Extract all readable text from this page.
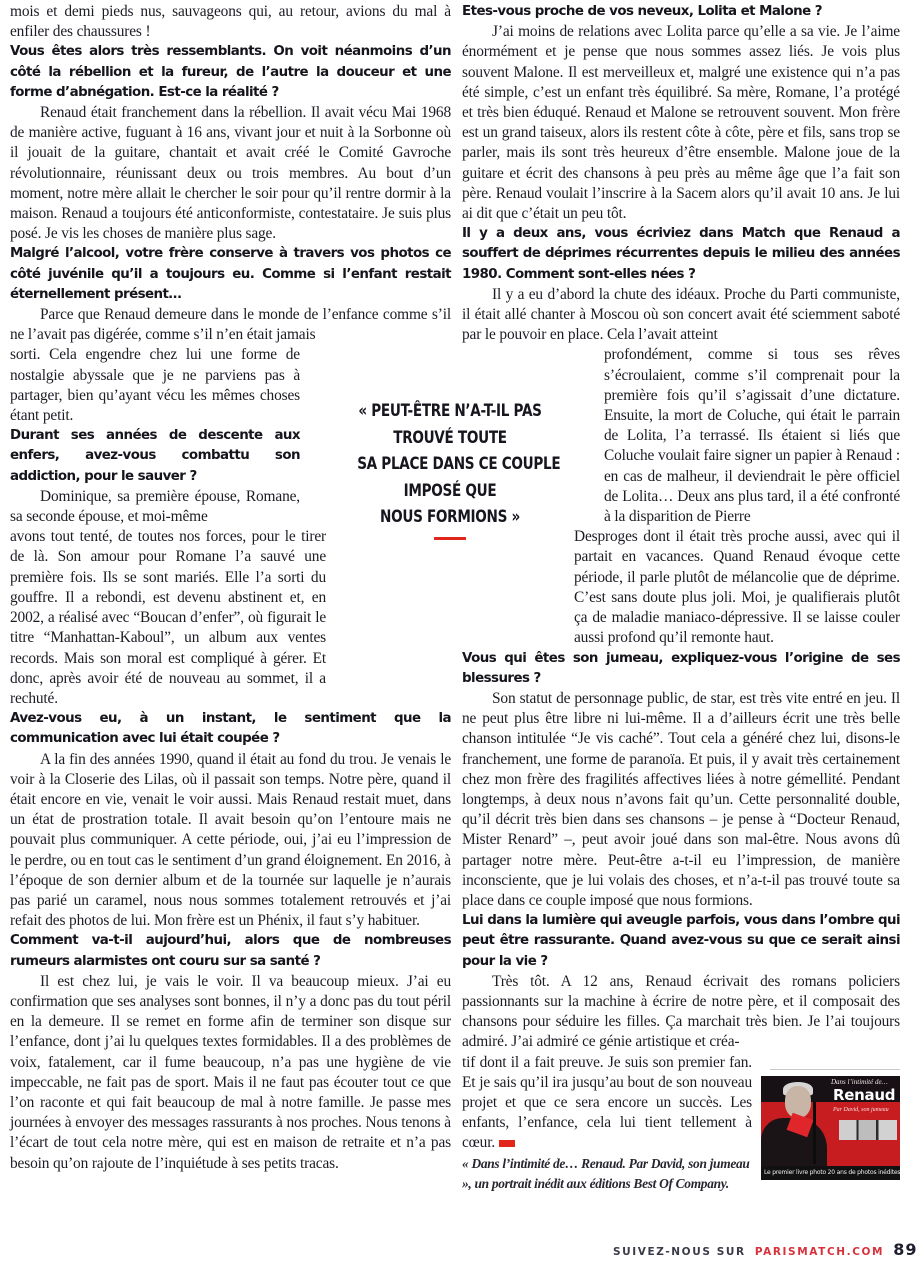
mois et demi pieds nus, sauvageons qui, au retour, avions du mal à enfiler des chaussures !

Vous êtes alors très ressemblants. On voit néanmoins d’un côté la rébellion et la fureur, de l’autre la douceur et une forme d’abnégation. Est-ce la réalité ?

Renaud était franchement dans la rébellion. Il avait vécu Mai 1968 de manière active, fuguant à 16 ans, vivant jour et nuit à la Sorbonne où il jouait de la guitare, chantait et avait créé le Comité Gavroche révolutionnaire, réunissant deux ou trois membres. Au bout d’un moment, notre mère allait le chercher le soir pour qu’il rentre dormir à la maison. Renaud a toujours été anticonformiste, contestataire. Je suis plus posé. Je vis les choses de manière plus sage.

Malgré l’alcool, votre frère conserve à travers vos photos ce côté juvénile qu’il a toujours eu. Comme si l’enfant restait éternellement présent…

Parce que Renaud demeure dans le monde de l’enfance comme s’il ne l’avait pas digérée, comme s’il n’en était jamais

sorti. Cela engendre chez lui une forme de nostalgie abyssale que je ne parviens pas à partager, bien qu’ayant vécu les mêmes choses étant petit.

Durant ses années de descente aux enfers, avez-vous combattu son addiction, pour le sauver ?

Dominique, sa première épouse, Romane, sa seconde épouse, et moi-même

avons tout tenté, de toutes nos forces, pour le tirer de là. Son amour pour Romane l’a sauvé une première fois. Ils se sont mariés. Elle l’a sorti du gouffre. Il a rebondi, est devenu abstinent et, en 2002, a réalisé avec “Boucan d’enfer”, où figurait le titre “Manhattan-Kaboul”, un album aux ventes records. Mais son moral est compliqué à gérer. Et donc, après avoir été de nouveau au sommet, il a rechuté.

Avez-vous eu, à un instant, le sentiment que la communication avec lui était coupée ?

A la fin des années 1990, quand il était au fond du trou. Je venais le voir à la Closerie des Lilas, où il passait son temps. Notre père, quand il était encore en vie, venait le voir aussi. Mais Renaud restait muet, dans un état de prostration totale. Il avait besoin qu’on l’entoure mais ne pouvait plus communiquer. A cette période, oui, j’ai eu l’impression de le perdre, ou en tout cas le sentiment d’un grand éloignement. En 2016, à l’époque de son dernier album et de la tournée sur laquelle je n’aurais pas parié un caramel, nous nous sommes totalement retrouvés et j’ai refait des photos de lui. Mon frère est un Phénix, il faut s’y habituer.

Comment va-t-il aujourd’hui, alors que de nombreuses rumeurs alarmistes ont couru sur sa santé ?

Il est chez lui, je vais le voir. Il va beaucoup mieux. J’ai eu confirmation que ses analyses sont bonnes, il n’y a donc pas du tout péril en la demeure. Il se remet en forme afin de terminer son disque sur l’enfance, dont j’ai lu quelques textes formidables. Il a des problèmes de voix, fatalement, car il fume beaucoup, n’a pas une hygiène de vie impeccable, ne fait pas de sport. Mais il ne faut pas écouter tout ce que l’on raconte et qui fait beaucoup de mal à notre famille. Je passe mes journées à envoyer des messages rassurants à nos proches. Nous tenons à l’écart de tout cela notre mère, qui est en maison de retraite et n’a pas besoin qu’on rajoute de l’inquiétude à ses petits tracas.

Etes-vous proche de vos neveux, Lolita et Malone ?

J’ai moins de relations avec Lolita parce qu’elle a sa vie. Je l’aime énormément et je pense que nous sommes assez liés. Je vois plus souvent Malone. Il est merveilleux et, malgré une existence qui n’a pas été simple, c’est un enfant très équilibré. Sa mère, Romane, l’a protégé et très bien éduqué. Renaud et Malone se retrouvent souvent. Mon frère est un grand taiseux, alors ils restent côte à côte, père et fils, sans trop se parler, mais ils sont très heureux d’être ensemble. Malone joue de la guitare et écrit des chansons à peu près au même âge que l’a fait son père. Renaud voulait l’inscrire à la Sacem alors qu’il avait 10 ans. Je lui ai dit que c’était un peu tôt.

Il y a deux ans, vous écriviez dans Match que Renaud a souffert de déprimes récurrentes depuis le milieu des années 1980. Comment sont-elles nées ?

Il y a eu d’abord la chute des idéaux. Proche du Parti communiste, il était allé chanter à Moscou où son concert avait été sciemment saboté par le pouvoir en place. Cela l’avait atteint

profondément, comme si tous ses rêves s’écroulaient, comme s’il comprenait pour la première fois qu’il s’agissait d’une dictature. Ensuite, la mort de Coluche, qui était le parrain de Lolita, l’a terrassé. Ils étaient si liés que Coluche voulait faire signer un papier à Renaud : en cas de malheur, il deviendrait le père officiel de Lolita… Deux ans plus tard, il a été confronté à la disparition de Pierre

Desproges dont il était très proche aussi, avec qui il partait en vacances. Quand Renaud évoque cette période, il parle plutôt de mélancolie que de déprime. C’est sans doute plus joli. Moi, je qualifierais plutôt ça de maladie maniaco-dépressive. Il se laisse couler aussi profond qu’il remonte haut.

Vous qui êtes son jumeau, expliquez-vous l’origine de ses blessures ?

Son statut de personnage public, de star, est très vite entré en jeu. Il ne peut plus être libre ni lui-même. Il a d’ailleurs écrit une très belle chanson intitulée “Je vis caché”. Tout cela a généré chez lui, disons-le franchement, une forme de paranoïa. Et puis, il y avait très certainement chez mon frère des fragilités affectives liées à notre gémellité. Pendant longtemps, à deux nous n’avons fait qu’un. Cette personnalité double, qu’il décrit très bien dans ses chansons – je pense à “Docteur Renaud, Mister Renard” –, peut avoir joué dans son mal-être. Nous avons dû partager notre mère. Peut-être a-t-il eu l’impression, de manière inconsciente, que je lui volais des choses, et n’a-t-il pas trouvé toute sa place dans ce couple imposé que nous formions.

Lui dans la lumière qui aveugle parfois, vous dans l’ombre qui peut être rassurante. Quand avez-vous su que ce serait ainsi pour la vie ?

Très tôt. A 12 ans, Renaud écrivait des romans policiers passionnants sur la machine à écrire de notre père, et il composait des chansons pour séduire les filles. Ça marchait très bien. Je l’ai toujours admiré. J’ai admiré ce génie artistique et créa-

tif dont il a fait preuve. Je suis son premier fan. Et je sais qu’il ira jusqu’au bout de son nouveau projet et que ce sera encore un succès. Les enfants, l’enfance, cela lui tient tellement à cœur.

« Dans l’intimité de… Renaud. Par David, son jumeau », un portrait inédit aux éditions Best Of Company.

« PEUT-ÊTRE N’A-T-IL PAS
TROUVÉ TOUTE
SA PLACE DANS CE COUPLE
IMPOSÉ QUE
NOUS FORMIONS »
Dans l’intimité de…
Renaud
Par David, son jumeau
Le premier livre photo 20 ans de photos inédites
SUIVEZ-NOUS SUR PARISMATCH.COM 89
